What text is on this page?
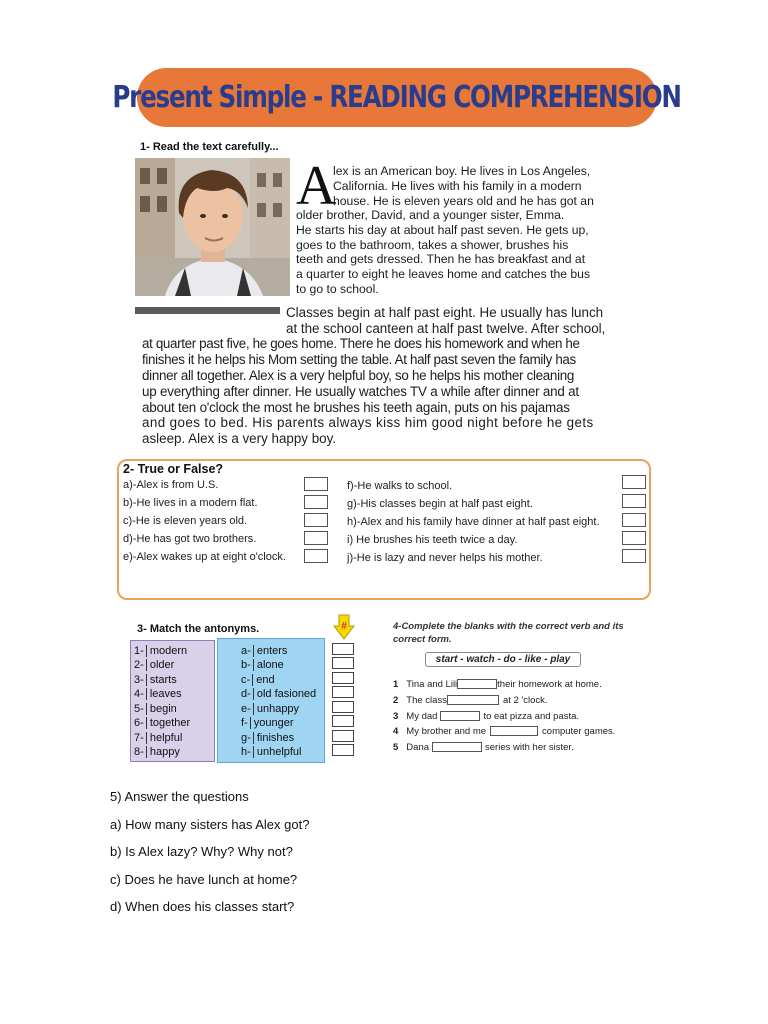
Present Simple - READING COMPREHENSION
1- Read the text carefully...
A
lex is an American boy. He lives in Los Angeles,
California. He lives with his family in a modern
house. He is eleven years old and he has got an
older brother, David, and a younger sister, Emma.
He starts his day at about half past seven. He gets up,
goes to the bathroom, takes a shower, brushes his
teeth and gets dressed. Then he has breakfast and at
a quarter to eight he leaves home and catches the bus
to go to school.
Classes begin at half past eight. He usually has lunch
at the school canteen at half past twelve. After school,
at quarter past five, he goes home. There he does his homework and when he
finishes it he helps his Mom setting the table. At half past seven the family has
dinner all together. Alex is a very helpful boy, so he helps his mother cleaning
up everything after dinner. He usually watches TV a while after dinner and at
about ten o'clock the most he brushes his teeth again, puts on his pajamas
and goes to bed. His parents always kiss him good night before he gets
asleep. Alex is a very happy boy.
2- True or False?
a)-Alex is from U.S.
b)-He lives in a modern flat.
c)-He is eleven years old.
d)-He has got two brothers.
e)-Alex wakes up at eight o'clock.
f)-He walks to school.
g)-His classes begin at half past eight.
h)-Alex and his family have dinner at half past eight.
i) He brushes his teeth twice a day.
j)-He is lazy and never helps his mother.
3- Match the antonyms.	#
1- modern
2- older
3- starts
4- leaves
5- begin
6- together
7- helpful
8- happy
a- enters
b- alone
c- end
d- old fasioned
e- unhappy
f- younger
g- finishes
h- unhelpful
4-Complete the blanks with the correct verb and its
correct form.
start - watch - do - like - play
1 Tina and Lili	their homework at home.
2 The class	at 2 'clock.
3 My dad	to eat pizza and pasta.
4 My brother and me	computer games.
5 Dana	series with her sister.
5) Answer the questions
a) How many sisters has Alex got?
b) Is Alex lazy? Why? Why not?
c) Does he have lunch at home?
d) When does his classes start?
